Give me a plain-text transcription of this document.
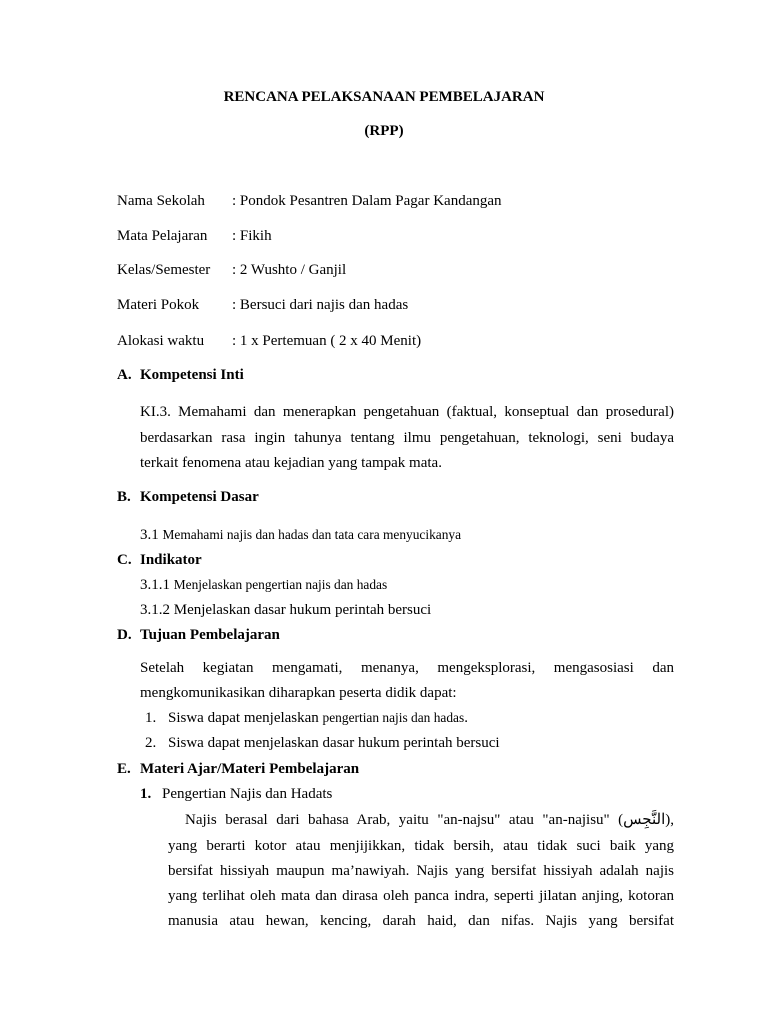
RENCANA PELAKSANAAN PEMBELAJARAN
(RPP)
Nama Sekolah : Pondok Pesantren Dalam Pagar Kandangan
Mata Pelajaran : Fikih
Kelas/Semester : 2 Wushto / Ganjil
Materi Pokok : Bersuci dari najis dan hadas
Alokasi waktu : 1 x Pertemuan ( 2 x 40 Menit)
A. Kompetensi Inti
KI.3. Memahami dan menerapkan pengetahuan (faktual, konseptual dan prosedural)
berdasarkan rasa ingin tahunya tentang ilmu pengetahuan, teknologi, seni budaya
terkait fenomena atau kejadian yang tampak mata.
B. Kompetensi Dasar
3.1 Memahami najis dan hadas dan tata cara menyucikanya
C. Indikator
3.1.1 Menjelaskan pengertian najis dan hadas
3.1.2 Menjelaskan dasar hukum perintah bersuci
D. Tujuan Pembelajaran
Setelah kegiatan mengamati, menanya, mengeksplorasi, mengasosiasi dan
mengkomunikasikan diharapkan peserta didik dapat:
1. Siswa dapat menjelaskan pengertian najis dan hadas.
2. Siswa dapat menjelaskan dasar hukum perintah bersuci
E. Materi Ajar/Materi Pembelajaran
1. Pengertian Najis dan Hadats
Najis berasal dari bahasa Arab, yaitu "an-najsu" atau "an-najisu" (النَّجِس),
yang berarti kotor atau menjijikkan, tidak bersih, atau tidak suci baik yang
bersifat hissiyah maupun ma’nawiyah. Najis yang bersifat hissiyah adalah najis
yang terlihat oleh mata dan dirasa oleh panca indra, seperti jilatan anjing, kotoran
manusia atau hewan, kencing, darah haid, dan nifas. Najis yang bersifat
